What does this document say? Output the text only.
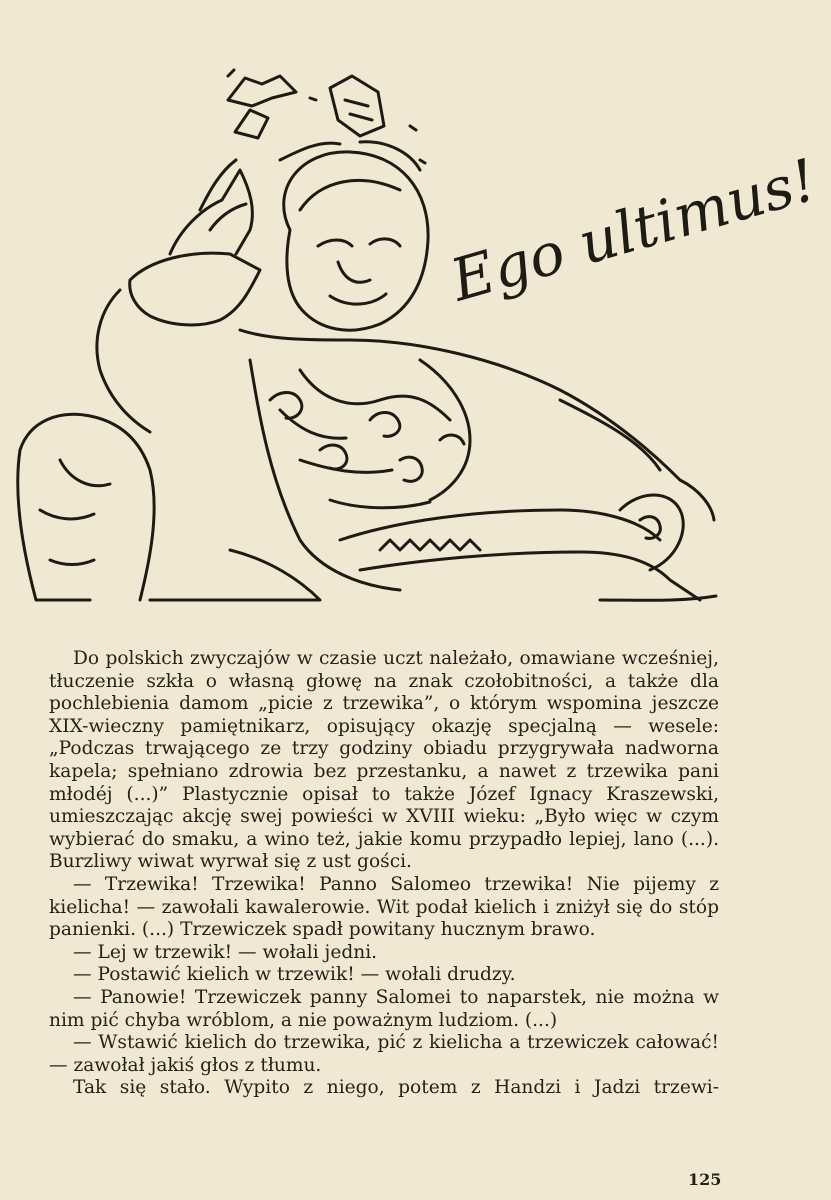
Ego ultimus!

Do polskich zwyczajów w czasie uczt należało, omawiane wcześniej, tłuczenie szkła o własną głowę na znak czołobitności, a także dla pochlebienia damom „picie z trzewika”, o którym wspomina jeszcze XIX-wieczny pamiętnikarz, opisujący okazję specjalną — wesele: „Podczas trwającego ze trzy godziny obiadu przygrywała nadworna kapela; spełniano zdrowia bez przestanku, a nawet z trzewika pani młodéj (...)” Plastycznie opisał to także Józef Ignacy Kraszewski, umieszczając akcję swej powieści w XVIII wieku: „Było więc w czym wybierać do smaku, a wino też, jakie komu przypadło lepiej, lano (...). Burzliwy wiwat wyrwał się z ust gości.

— Trzewika! Trzewika! Panno Salomeo trzewika! Nie pijemy z kielicha! — zawołali kawalerowie. Wit podał kielich i zniżył się do stóp panienki. (...) Trzewiczek spadł powitany hucznym brawo.

— Lej w trzewik! — wołali jedni.

— Postawić kielich w trzewik! — wołali drudzy.

— Panowie! Trzewiczek panny Salomei to naparstek, nie można w nim pić chyba wróblom, a nie poważnym ludziom. (...)

— Wstawić kielich do trzewika, pić z kielicha a trzewiczek całować! — zawołał jakiś głos z tłumu.

Tak się stało. Wypito z niego, potem z Handzi i Jadzi trzewi-

125
